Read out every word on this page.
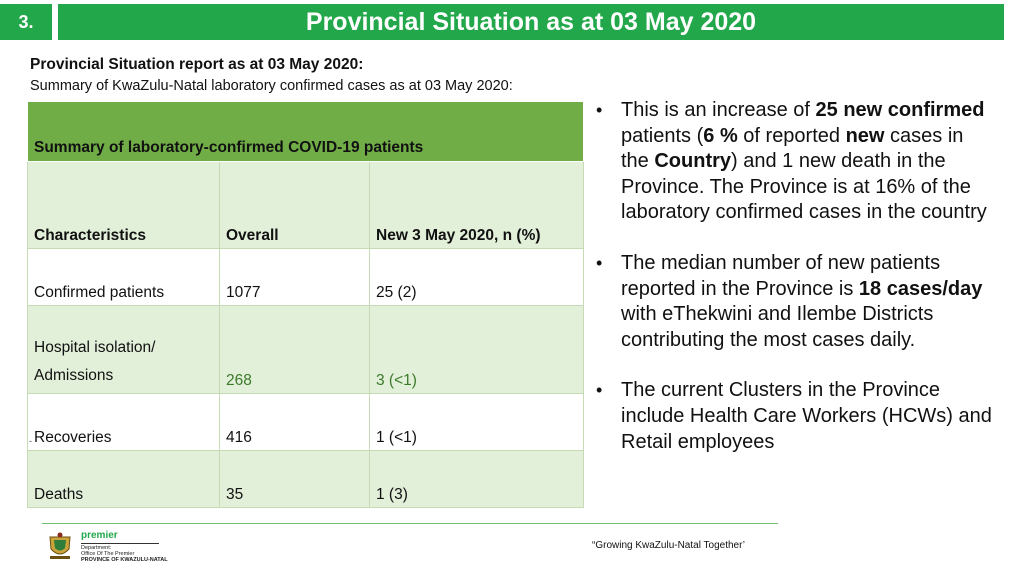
3.	Provincial Situation as at 03 May 2020
Provincial Situation report as at 03 May 2020:
Summary of KwaZulu-Natal laboratory confirmed cases as at 03 May 2020:
Summary of laboratory-confirmed COVID-19 patients		
Characteristics	Overall	New 3 May 2020, n (%)
Confirmed patients	1077	25 (2)
Hospital isolation/
Admissions	268	3 (<1)

- Recoveries	416	1 (<1)
Deaths	35	1 (3)
• This is an increase of 25 new confirmed patients (6 % of reported new cases in the Country) and 1 new death in the Province. The Province is at 16% of the laboratory confirmed cases in the country
• The median number of new patients reported in the Province is 18 cases/day with eThekwini and Ilembe Districts contributing the most cases daily.
• The current Clusters in the Province include Health Care Workers (HCWs) and Retail employees
premier
Department:
Office Of The Premier
PROVINCE OF KWAZULU-NATAL
“Growing KwaZulu-Natal Together’
